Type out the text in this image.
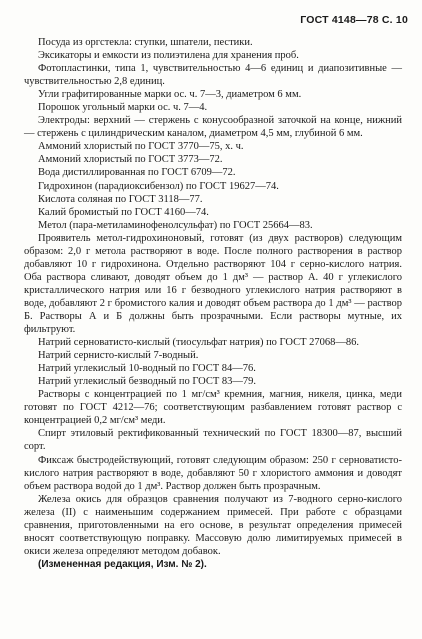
ГОСТ 4148—78 С. 10

Посуда из оргстекла: ступки, шпатели, пестики.

Эксикаторы и емкости из полиэтилена для хранения проб.

Фотопластинки, типа 1, чувствительностью 4—6 единиц и диапозитивные — чувствительностью 2,8 единиц.

Угли графитированные марки ос. ч. 7—3, диаметром 6 мм.

Порошок угольный марки ос. ч. 7—4.

Электроды: верхний — стержень с конусообразной заточкой на конце, нижний — стержень с цилиндрическим каналом, диаметром 4,5 мм, глубиной 6 мм.

Аммоний хлористый по ГОСТ 3770—75, х. ч.

Аммоний хлористый по ГОСТ 3773—72.

Вода дистиллированная по ГОСТ 6709—72.

Гидрохинон (парадиоксибензол) по ГОСТ 19627—74.

Кислота соляная по ГОСТ 3118—77.

Калий бромистый по ГОСТ 4160—74.

Метол (пара-метиламинофенолсульфат) по ГОСТ 25664—83.

Проявитель метол-гидрохиноновый, готовят (из двух растворов) следующим образом: 2,0 г метола растворяют в воде. После полного растворения в раствор добавляют 10 г гидрохинона. Отдельно растворяют 104 г серно-кислого натрия. Оба раствора сливают, доводят объем до 1 дм³ — раствор А. 40 г углекислого кристаллического натрия или 16 г безводного углекислого натрия растворяют в воде, добавляют 2 г бромистого калия и доводят объем раствора до 1 дм³ — раствор Б. Растворы А и Б должны быть прозрачными. Если растворы мутные, их фильтруют.

Натрий серноватисто-кислый (тиосульфат натрия) по ГОСТ 27068—86.

Натрий сернисто-кислый 7-водный.

Натрий углекислый 10-водный по ГОСТ 84—76.

Натрий углекислый безводный по ГОСТ 83—79.

Растворы с концентрацией по 1 мг/см³ кремния, магния, никеля, цинка, меди готовят по ГОСТ 4212—76; соответствующим разбавлением готовят раствор с концентрацией 0,2 мг/см³ меди.

Спирт этиловый ректификованный технический по ГОСТ 18300—87, высший сорт.

Фиксаж быстродействующий, готовят следующим образом: 250 г серноватисто-кислого натрия растворяют в воде, добавляют 50 г хлористого аммония и доводят объем раствора водой до 1 дм³. Раствор должен быть прозрачным.

Железа окись для образцов сравнения получают из 7-водного серно-кислого железа (II) с наименьшим содержанием примесей. При работе с образцами сравнения, приготовленными на его основе, в результат определения примесей вносят соответствующую поправку. Массовую долю лимитируемых примесей в окиси железа определяют методом добавок.

(Измененная редакция, Изм. № 2).
